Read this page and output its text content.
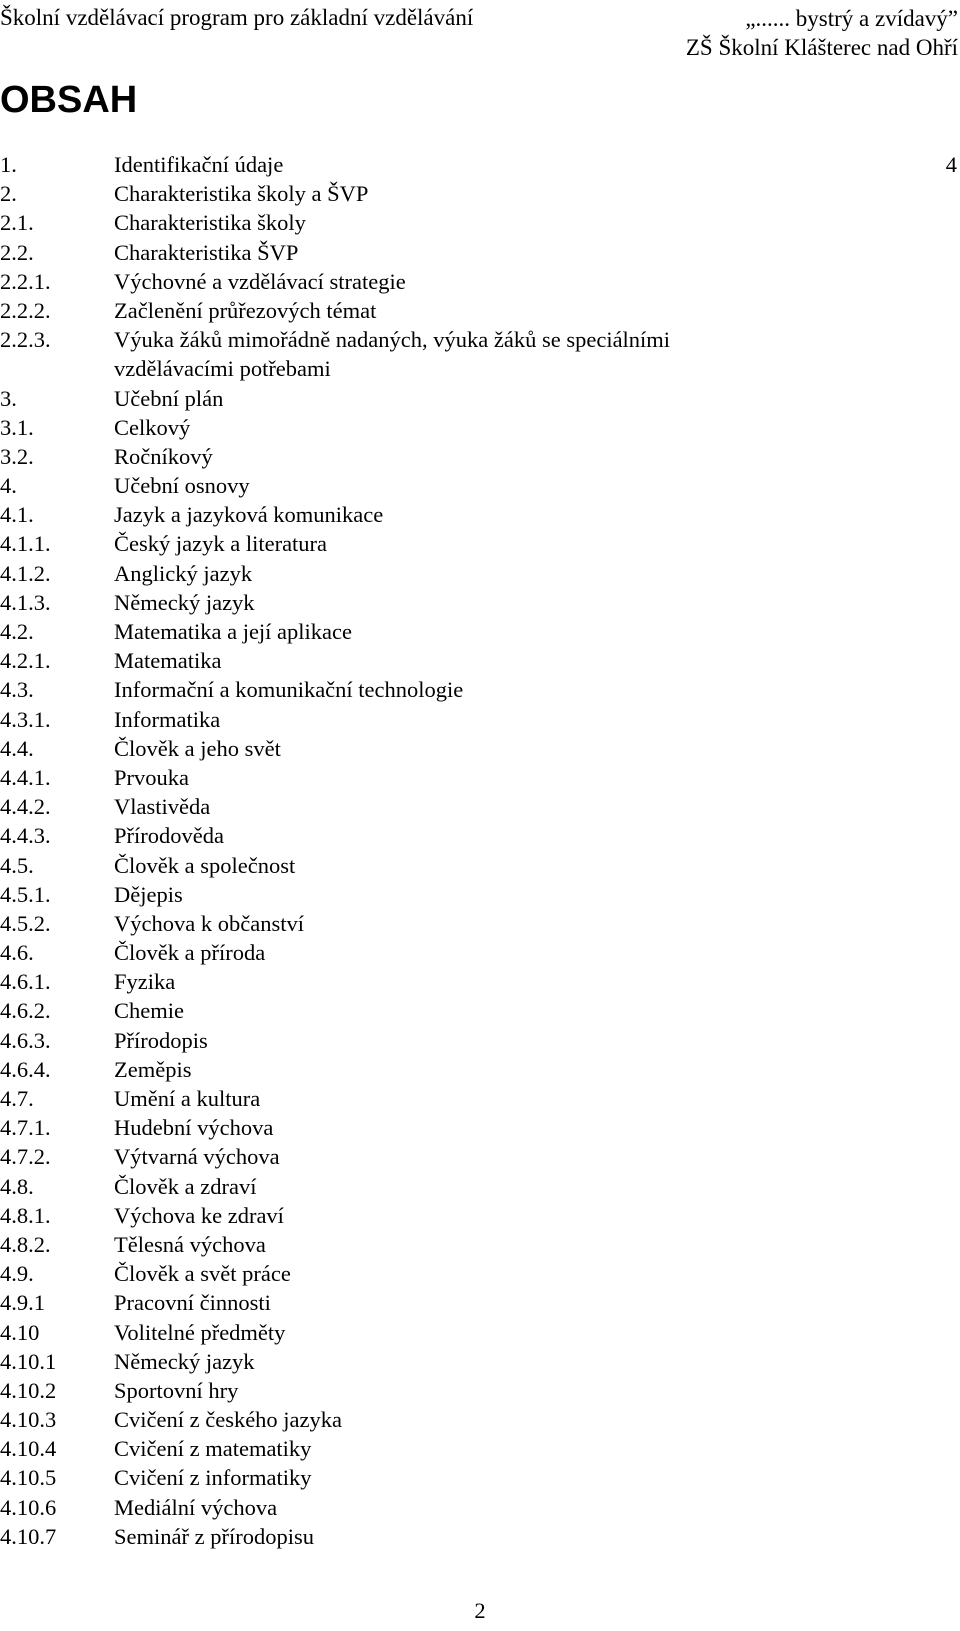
Školní vzdělávací program pro základní vzdělávání	„...... bystrý a zvídavý”
ZŠ Školní Klášterec nad Ohří
OBSAH
1.	Identifikační údaje	4
2.	Charakteristika školy a ŠVP
2.1.	Charakteristika školy
2.2.	Charakteristika ŠVP
2.2.1.	Výchovné a vzdělávací strategie
2.2.2.	Začlenění průřezových témat
2.2.3.	Výuka žáků mimořádně nadaných, výuka žáků se speciálními vzdělávacími potřebami
3.	Učební plán
3.1.	Celkový
3.2.	Ročníkový
4.	Učební osnovy
4.1.	Jazyk a jazyková komunikace
4.1.1.	Český jazyk a literatura
4.1.2.	Anglický jazyk
4.1.3.	Německý jazyk
4.2.	Matematika a její aplikace
4.2.1.	Matematika
4.3.	Informační a komunikační technologie
4.3.1.	Informatika
4.4.	Člověk a jeho svět
4.4.1.	Prvouka
4.4.2.	Vlastivěda
4.4.3.	Přírodověda
4.5.	Člověk a společnost
4.5.1.	Dějepis
4.5.2.	Výchova k občanství
4.6.	Člověk a příroda
4.6.1.	Fyzika
4.6.2.	Chemie
4.6.3.	Přírodopis
4.6.4.	Zeměpis
4.7.	Umění a kultura
4.7.1.	Hudební výchova
4.7.2.	Výtvarná výchova
4.8.	Člověk a zdraví
4.8.1.	Výchova ke zdraví
4.8.2.	Tělesná výchova
4.9.	Člověk a svět práce
4.9.1	Pracovní činnosti
4.10	Volitelné předměty
4.10.1	Německý jazyk
4.10.2	Sportovní hry
4.10.3	Cvičení z českého jazyka
4.10.4	Cvičení z matematiky
4.10.5	Cvičení z informatiky
4.10.6	Mediální výchova
4.10.7	Seminář z přírodopisu
2
